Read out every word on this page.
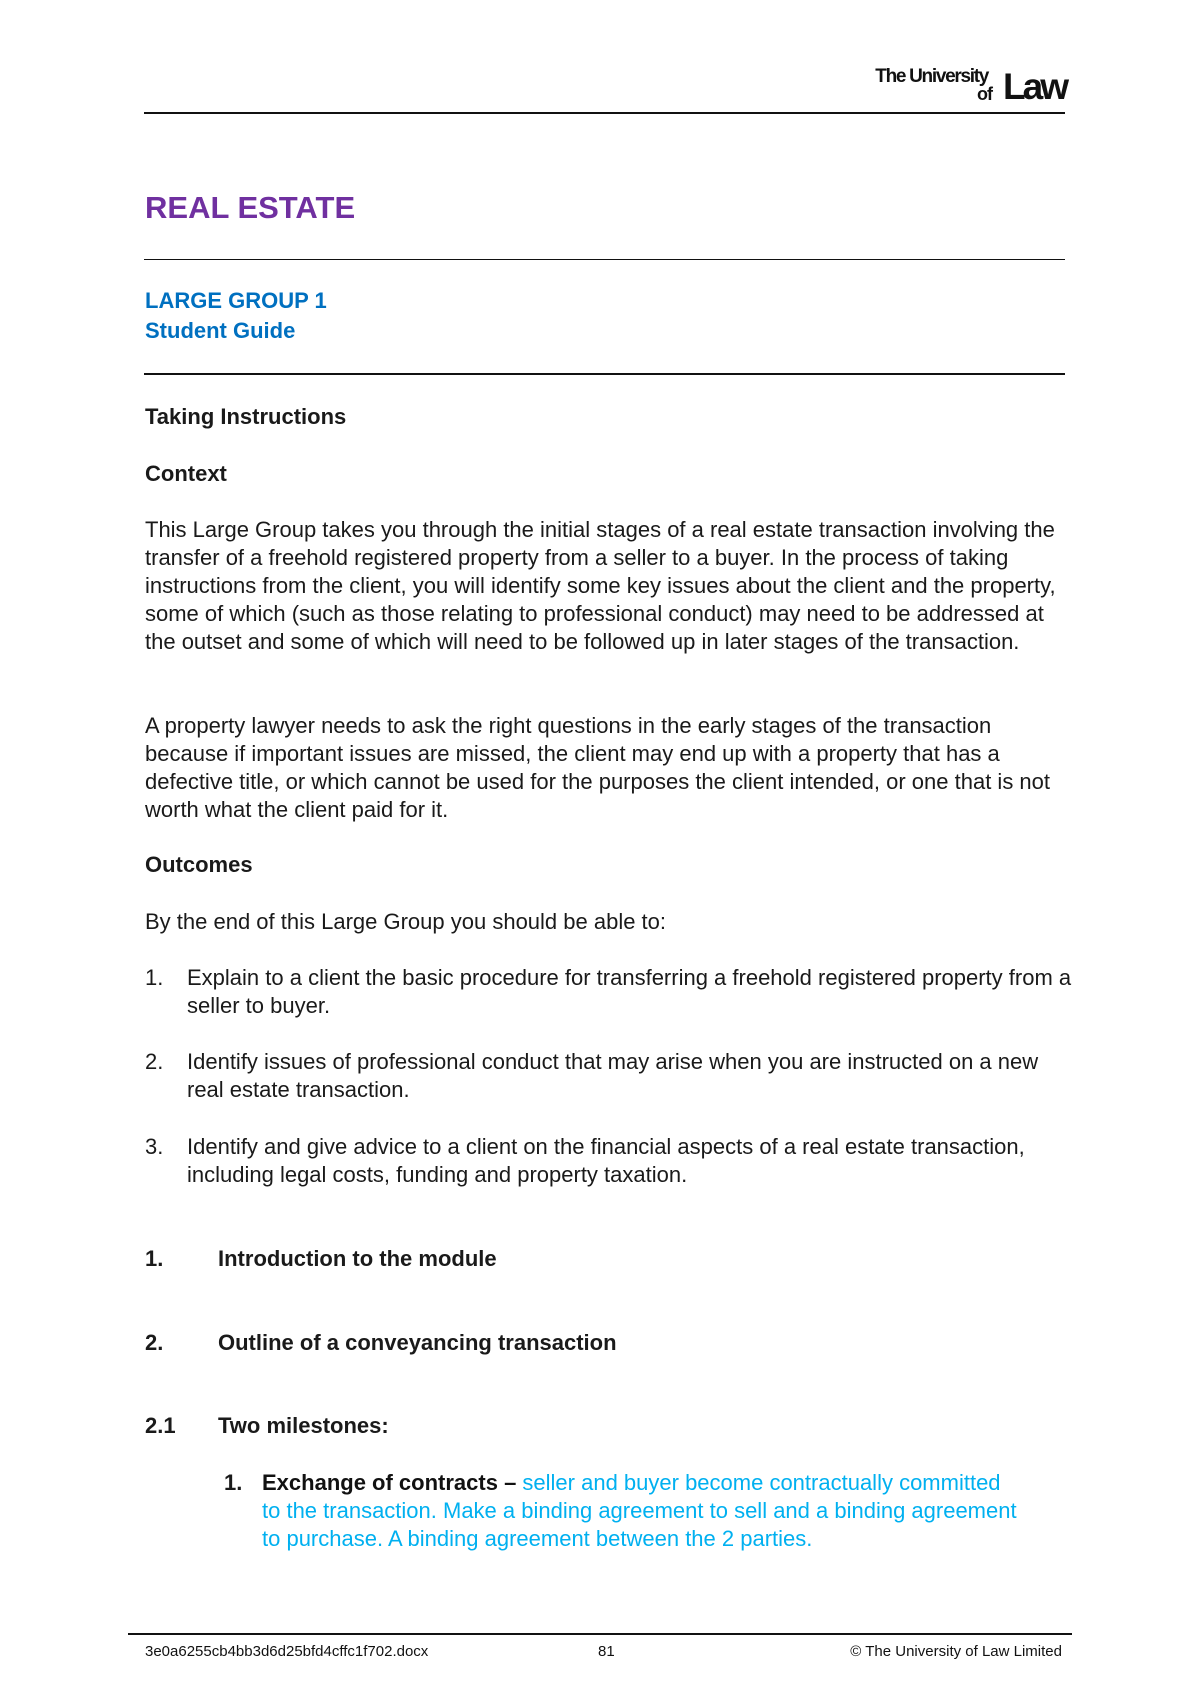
The University
of Law
REAL ESTATE
LARGE GROUP 1
Student Guide
Taking Instructions
Context

This Large Group takes you through the initial stages of a real estate transaction involving the transfer of a freehold registered property from a seller to a buyer. In the process of taking instructions from the client, you will identify some key issues about the client and the property, some of which (such as those relating to professional conduct) may need to be addressed at the outset and some of which will need to be followed up in later stages of the transaction.

A property lawyer needs to ask the right questions in the early stages of the transaction because if important issues are missed, the client may end up with a property that has a defective title, or which cannot be used for the purposes the client intended, or one that is not worth what the client paid for it.

Outcomes

By the end of this Large Group you should be able to:

1. Explain to a client the basic procedure for transferring a freehold registered property from a seller to buyer.
2. Identify issues of professional conduct that may arise when you are instructed on a new real estate transaction.
3. Identify and give advice to a client on the financial aspects of a real estate transaction, including legal costs, funding and property taxation.
1. Introduction to the module
2. Outline of a conveyancing transaction
2.1 Two milestones:
1. Exchange of contracts – seller and buyer become contractually committed to the transaction. Make a binding agreement to sell and a binding agreement to purchase. A binding agreement between the 2 parties.
3e0a6255cb4bb3d6d25bfd4cffc1f702.docx	81	© The University of Law Limited
